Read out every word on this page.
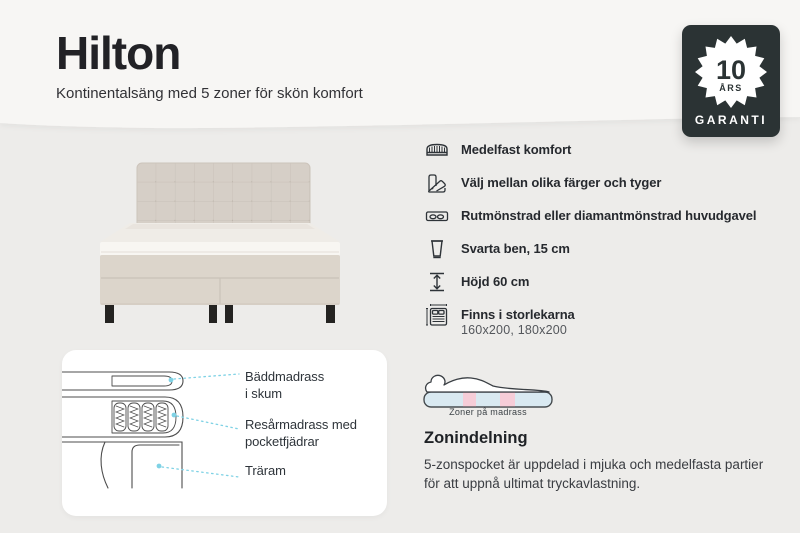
Hilton
Kontinentalsäng med 5 zoner för skön komfort
10
ÅRS
GARANTI
Medelfast komfort
Välj mellan olika färger och tyger
Rutmönstrad eller diamantmönstrad huvudgavel
Svarta ben, 15 cm
Höjd 60 cm
Finns i storlekarna
160x200, 180x200
Bäddmadrass
i skum
Resårmadrass med
pocketfjädrar
Träram
Zoner på madrass
Zonindelning
5-zonspocket är uppdelad i mjuka och medelfasta partier
för att uppnå ultimat tryckavlastning.
